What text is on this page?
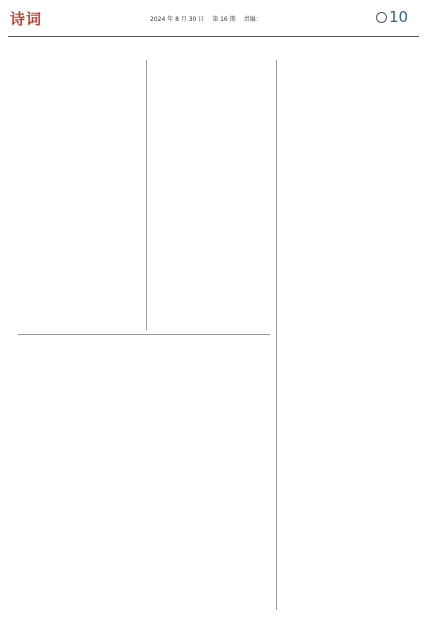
诗词	2024 年 8 月 30 日 第 16 期 责编：	10
